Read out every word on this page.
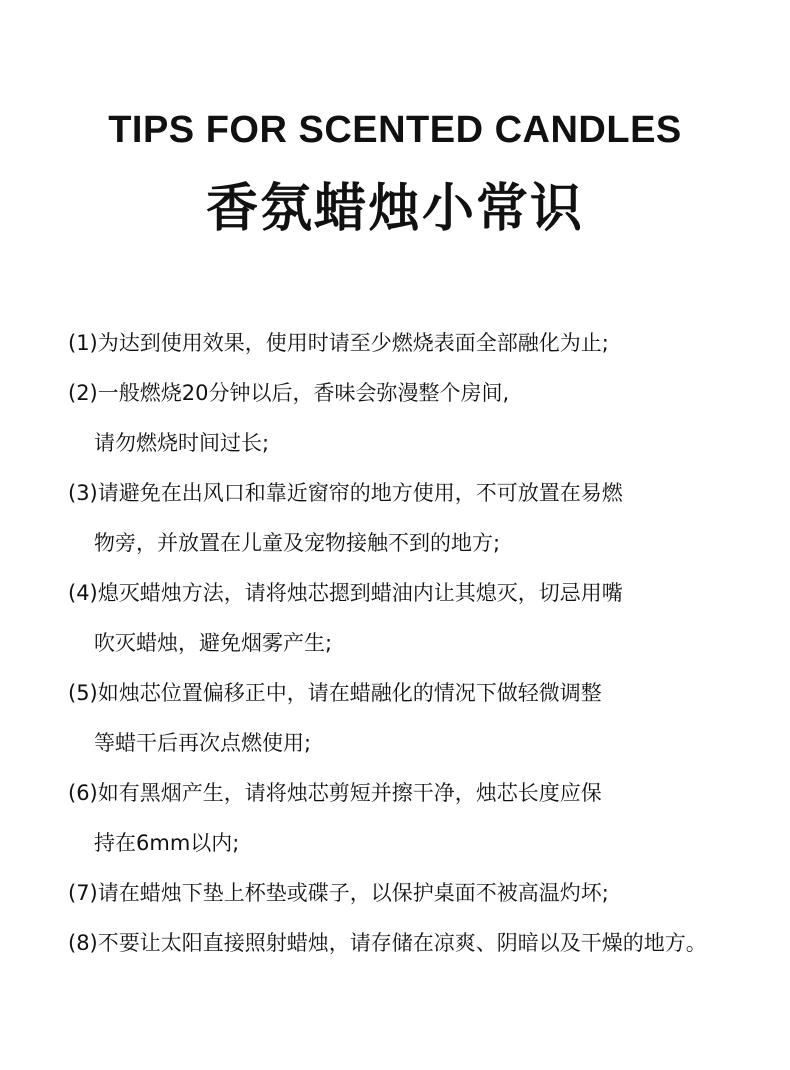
TIPS FOR SCENTED CANDLES
香氛蜡烛小常识
(1)为达到使用效果，使用时请至少燃烧表面全部融化为止;
(2)一般燃烧20分钟以后，香味会弥漫整个房间,
请勿燃烧时间过长;
(3)请避免在出风口和靠近窗帘的地方使用，不可放置在易燃
物旁，并放置在儿童及宠物接触不到的地方;
(4)熄灭蜡烛方法，请将烛芯摁到蜡油内让其熄灭，切忌用嘴
吹灭蜡烛，避免烟雾产生;
(5)如烛芯位置偏移正中，请在蜡融化的情况下做轻微调整
等蜡干后再次点燃使用;
(6)如有黑烟产生，请将烛芯剪短并擦干净，烛芯长度应保
持在6mm以内;
(7)请在蜡烛下垫上杯垫或碟子，以保护桌面不被高温灼坏;
(8)不要让太阳直接照射蜡烛，请存储在凉爽、阴暗以及干燥的地方。
